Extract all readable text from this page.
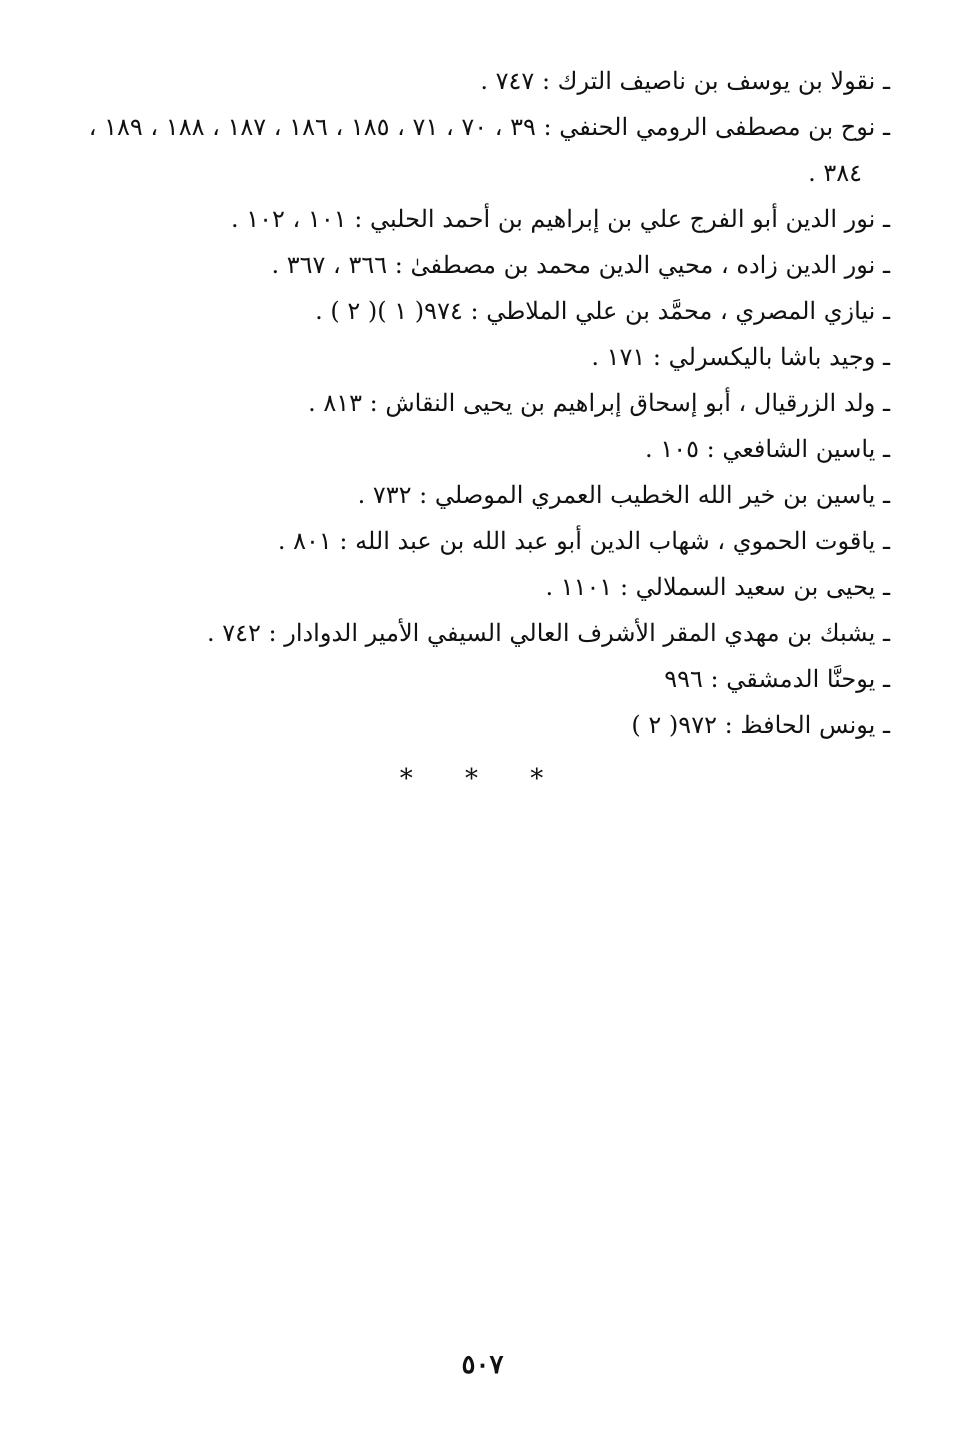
ـ نقولا بن يوسف بن ناصيف الترك : ٧٤٧ .
ـ نوح بن مصطفى الرومي الحنفي : ٣٩ ، ٧٠ ، ٧١ ، ١٨٥ ، ١٨٦ ، ١٨٧ ، ١٨٨ ، ١٨٩ ، ٣٨٤ .
ـ نور الدين أبو الفرج علي بن إبراهيم بن أحمد الحلبي : ١٠١ ، ١٠٢ .
ـ نور الدين زاده ، محيي الدين محمد بن مصطفىٰ : ٣٦٦ ، ٣٦٧ .
ـ نيازي المصري ، محمَّد بن علي الملاطي : ٩٧٤( ١ )( ٢ ) .
ـ وجيد باشا باليكسرلي : ١٧١ .
ـ ولد الزرقيال ، أبو إسحاق إبراهيم بن يحيى النقاش : ٨١٣ .
ـ ياسين الشافعي : ١٠٥ .
ـ ياسين بن خير الله الخطيب العمري الموصلي : ٧٣٢ .
ـ ياقوت الحموي ، شهاب الدين أبو عبد الله بن عبد الله : ٨٠١ .
ـ يحيى بن سعيد السملالي : ١١٠١ .
ـ يشبك بن مهدي المقر الأشرف العالي السيفي الأمير الدوادار : ٧٤٢ .
ـ يوحنَّا الدمشقي : ٩٩٦
ـ يونس الحافظ : ٩٧٢( ٢ )
* * *
٥٠٧
